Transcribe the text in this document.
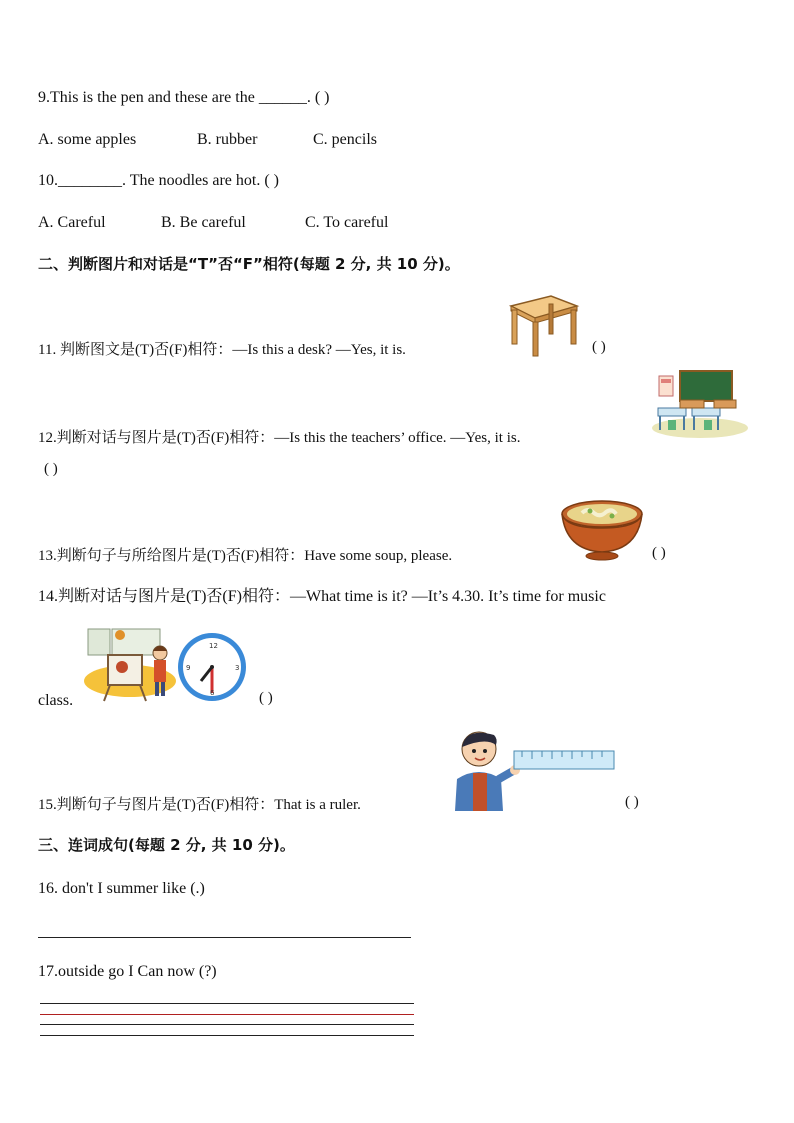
9.This is the pen and these are the ______. ( )
A. some apples	B. rubber	C. pencils
10.________. The noodles are hot. ( )
A. Careful	B. Be careful	C. To careful
二、判断图片和对话是“T”否“F”相符(每题 2 分, 共 10 分)。
11. 判断图文是(T)否(F)相符：—Is this a desk? —Yes, it is.	( )
12.判断对话与图片是(T)否(F)相符：—Is this the teachers’ office. —Yes, it is.
( )
13.判断句子与所给图片是(T)否(F)相符：Have some soup, please.	( )
14.判断对话与图片是(T)否(F)相符：—What time is it? —It’s 4.30. It’s time for music
12
3
6
9
class.	( )
15.判断句子与图片是(T)否(F)相符：That is a ruler.	( )
三、连词成句(每题 2 分, 共 10 分)。
16. don't I summer like (.)
17.outside go I Can now (?)
